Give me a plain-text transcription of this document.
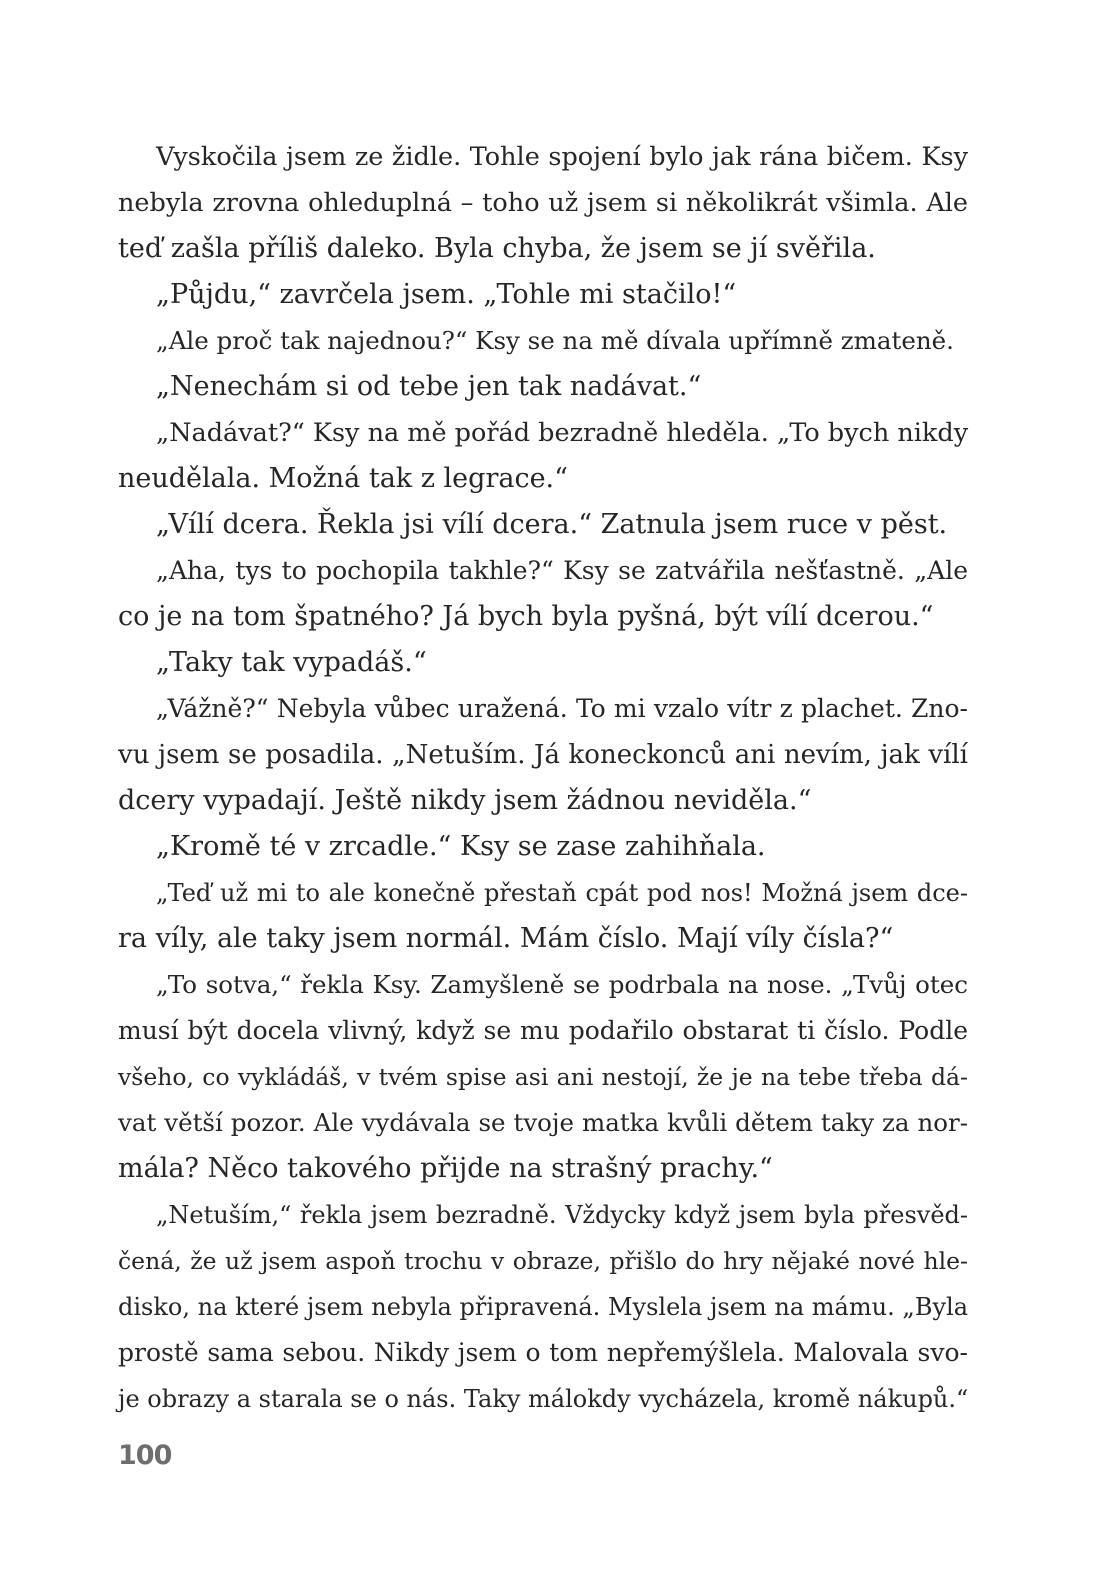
Vyskočila jsem ze židle. Tohle spojení bylo jak rána bičem. Ksy
nebyla zrovna ohleduplná – toho už jsem si několikrát všimla. Ale
teď zašla příliš daleko. Byla chyba, že jsem se jí svěřila.
„Půjdu,“ zavrčela jsem. „Tohle mi stačilo!“
„Ale proč tak najednou?“ Ksy se na mě dívala upřímně zmateně.
„Nenechám si od tebe jen tak nadávat.“
„Nadávat?“ Ksy na mě pořád bezradně hleděla. „To bych nikdy
neudělala. Možná tak z legrace.“
„Vílí dcera. Řekla jsi vílí dcera.“ Zatnula jsem ruce v pěst.
„Aha, tys to pochopila takhle?“ Ksy se zatvářila nešťastně. „Ale
co je na tom špatného? Já bych byla pyšná, být vílí dcerou.“
„Taky tak vypadáš.“
„Vážně?“ Nebyla vůbec uražená. To mi vzalo vítr z plachet. Zno-
vu jsem se posadila. „Netuším. Já koneckonců ani nevím, jak vílí
dcery vypadají. Ještě nikdy jsem žádnou neviděla.“
„Kromě té v zrcadle.“ Ksy se zase zahihňala.
„Teď už mi to ale konečně přestaň cpát pod nos! Možná jsem dce-
ra víly, ale taky jsem normál. Mám číslo. Mají víly čísla?“
„To sotva,“ řekla Ksy. Zamyšleně se podrbala na nose. „Tvůj otec
musí být docela vlivný, když se mu podařilo obstarat ti číslo. Podle
všeho, co vykládáš, v tvém spise asi ani nestojí, že je na tebe třeba dá-
vat větší pozor. Ale vydávala se tvoje matka kvůli dětem taky za nor-
mála? Něco takového přijde na strašný prachy.“
„Netuším,“ řekla jsem bezradně. Vždycky když jsem byla přesvěd-
čená, že už jsem aspoň trochu v obraze, přišlo do hry nějaké nové hle-
disko, na které jsem nebyla připravená. Myslela jsem na mámu. „Byla
prostě sama sebou. Nikdy jsem o tom nepřemýšlela. Malovala svo-
je obrazy a starala se o nás. Taky málokdy vycházela, kromě nákupů.“
100
